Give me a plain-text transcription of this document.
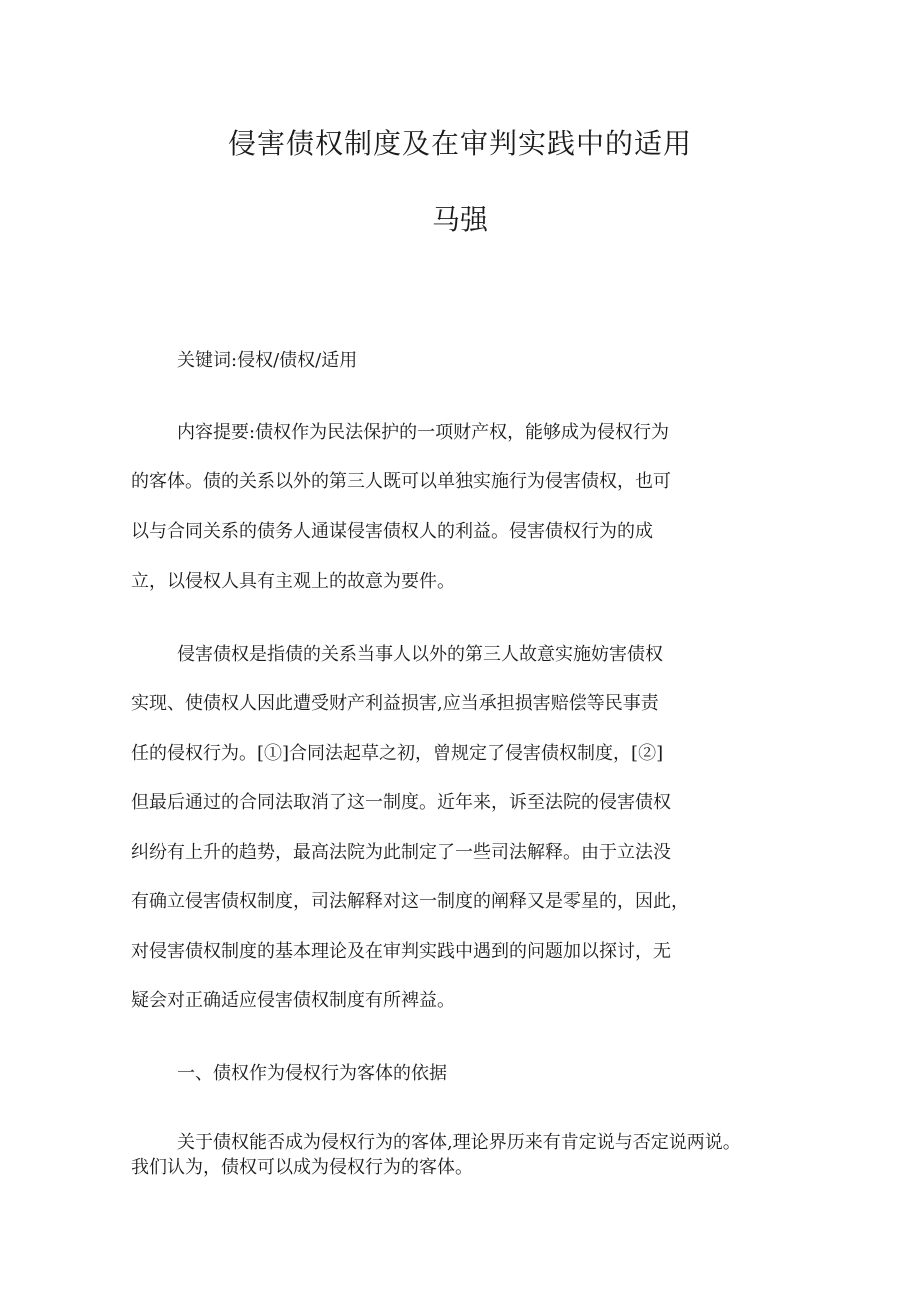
侵害债权制度及在审判实践中的适用
马强

关键词:侵权/债权/适用

内容提要:债权作为民法保护的一项财产权，能够成为侵权行为

的客体。债的关系以外的第三人既可以单独实施行为侵害债权，也可

以与合同关系的债务人通谋侵害债权人的利益。侵害债权行为的成

立，以侵权人具有主观上的故意为要件。

侵害债权是指债的关系当事人以外的第三人故意实施妨害债权

实现、使债权人因此遭受财产利益损害,应当承担损害赔偿等民事责

任的侵权行为。[①]合同法起草之初，曾规定了侵害债权制度，[②]

但最后通过的合同法取消了这一制度。近年来，诉至法院的侵害债权

纠纷有上升的趋势，最高法院为此制定了一些司法解释。由于立法没

有确立侵害债权制度，司法解释对这一制度的阐释又是零星的，因此，

对侵害债权制度的基本理论及在审判实践中遇到的问题加以探讨，无

疑会对正确适应侵害债权制度有所裨益。

一、债权作为侵权行为客体的依据

关于债权能否成为侵权行为的客体,理论界历来有肯定说与否定说两说。

我们认为，债权可以成为侵权行为的客体。
